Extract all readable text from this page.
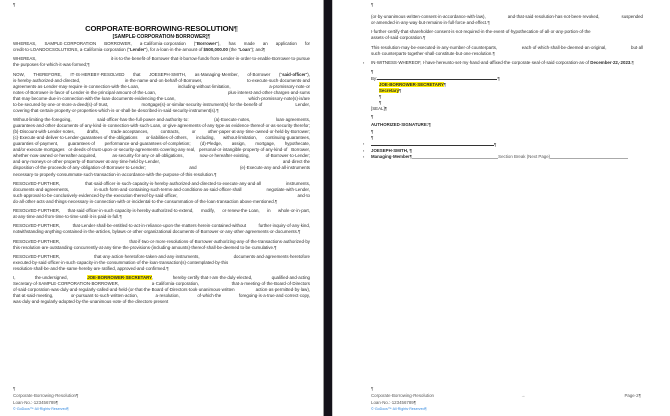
¶
CORPORATE·BORROWING·RESOLUTION¶
[SAMPLE·CORPORATION·BORROWER]¶

WHEREAS, SAMPLE·CORPORATION BORROWER, a·California·corporation ("Borrower"), has made an application for credit·to·LOANDOCSOLUTIONS, a·California·corporation ("Lender"), for a·loan·in·the·amount·of $500,000.00 (the "Loan"); and¶

WHEREAS, it·is·to·the·benefit·of·Borrower·that·it·borrow·funds·from·Lender·in·order·to·enable·Borrower·to·pursue the·purposes·for·which·it·was·formed;¶

NOW, THEREFORE, IT·IS·HEREBY·RESOLVED that JOESEPH·SMITH, as·Managing·Member, of·Borrower ("said·officer"), is·hereby·authorized·and·directed, in·the·name·and·on·behalf·of·Borrower, to·execute·such·documents·and agreements·as·Lender·may·require·in·connection·with·the·Loan, including·without·limitation, a·promissory·note·or notes·of·Borrower·in·favor·of·Lender·in·the·principal·amount·of·the·Loan, plus·interest·and·other·charges·and·sums that·may·become·due·in·connection·with·the·loan·documents·evidencing·the·Loan, which·promissory·note(s)·is/are to·be·secured·by·one·or·more·a·deed(s)·of·trust, mortgage(s)·or·similar·security·instrument(s)·for·the·benefit·of Lender, covering·that·certain·property·or·properties·which·is·or·shall·be·described·in·said·security·instrument(s).¶

Without·limiting·the·foregoing, said·officer·has·the·full·power·and·authority·to: (a)·Execute·notes, loan·agreements, guarantees·and·other·documents·of·any·kind·in·connection·with·such·Loan, or·give·agreements·of·any·type·as evidence·thereof·or·as·security·therefor; (b)·Discount·with·Lender·notes, drafts, trade·acceptances, contracts, or other·paper·at·any·time·owned·or·held·by·Borrower; (c)·Execute·and·deliver·to·Lender·guarantees·of·the·obligations or·liabilities·of·others, including, without·limitation, continuing·guarantees, guaranties·of·payment, guarantees·of performance·and·guarantees·of·completion; (d)·Pledge, assign, mortgage, hypothecate, and/or·execute·mortgages or·deeds·of·trust·upon·or·security·agreements·covering·any·real, personal·or·intangible·property·of·any·kind·of Borrower, whether·now·owned·or·hereafter·acquired, as·security·for·any·or·all·obligations, now·or·hereafter·existing, of·Borrower·to·Lender; and·any·moneys·or·other·property·of·Borrower·at·any·time·held·by·Lender, and·direct·the disposition·of·the·proceeds·of·any·obligation·of·Borrower·to·Lender; and (e)·Execute·any·and·all·instruments necessary·to·properly·consummate·such·transaction·in·accordance·with·the·purpose·of·this·resolution.¶

RESOLVED·FURTHER, that·said·officer·in·such·capacity·is·hereby·authorized·and·directed·to·execute·any·and·all instruments, documents·and·agreements, in·such·form·and·containing·such·terms·and·conditions·as·said·officer·shall negotiate·with·Lender, such·approval·to·be·conclusively·evidenced·by·the·execution·thereof·by·said·officer, and·to do·all·other·acts·and·things·necessary·in·connection·with·or·incidental·to·the·consummation·of·the·loan·transaction above·mentioned.¶

RESOLVED·FURTHER, that·said·officer·in·such·capacity·is·hereby·authorized·to·extend, modify, or·renew·the·Loan, in whole·or·in·part, at·any·time·and·from·time·to·time·until·it·is·paid·in·full.¶

RESOLVED·FURTHER, that·Lender·shall·be·entitled·to·act·in·reliance·upon·the·matters·herein·contained·without further·inquiry·of·any·kind, notwithstanding·anything·contained·in·the·articles, bylaws·or·other·organizational documents·of·Borrower·or·any·other·agreements·or·documents.¶

RESOLVED·FURTHER, that·if·two·or·more·resolutions·of·Borrower·authorizing·any·of·the·transactions·authorized·by this·resolution·are·outstanding·concurrently·at·any·time·the·provisions·(including·amounts)·thereof·shall·be·deemed to·be·cumulative.¶

RESOLVED·FURTHER, that·any·action·heretofore·taken·and·any·instruments, documents·and·agreements·heretofore executed·by·said·officer·in·such·capacity·in·the·consummation·of·the·loan·transaction(s)·contemplated·by·this resolution·shall·be·and·the·same·hereby·are·ratified, approved·and·confirmed.¶

I, the·undersigned, JOE·BORROWER·SECRETARY, hereby·certify·that·I·am·the·duly·elected, qualified·and·acting Secretary·of·SAMPLE·CORPORATION·BORROWER, a·California·corporation, that·a·meeting·of·the·Board·of·Directors of·said·corporation·was·duly·and·regularly·called·and·held·(or·that·the·Board·of·Directors·took·unanimous·written action·as·permitted·by·law), that·at·said·meeting, or·pursuant·to·such·written·action, a·resolution, of·which·the foregoing·is·a·true·and·correct·copy, was·duly·and·regularly·adopted·by·the·unanimous·vote·of·the·directors·present

¶
Corporate·Borrowing·Resolution¶
Loan·No.:·123456789¶
©·GoDocs™·All·Rights·Reserved¶
¶

(or·by·unanimous·written·consent·in·accordance·with·law), and·that·said·resolution·has·not·been·revoked, suspended or·amended·in·any·way·but·remains·in·full·force·and·effect.¶

I·further·certify·that·shareholder·consent·is·not·required·in·the·event·of·hypothecation·of·all·or·any·portion·of·the assets·of·said·corporation.¶

This·resolution·may·be·executed·in·any·number·of·counterparts, each·of·which·shall·be·deemed·an·original, but·all such·counterparts·together·shall·constitute·but·one·resolution.¶

▪ IN·WITNESS·WHEREOF, I·have·hereunto·set·my·hand·and·affixed·the·corporate·seal·of·said·corporation·as·of December·22,·2023.¶

¶
By:	¶
JOE·BORROWER·SECRETARY¶
Secretary¶
¶
¶
[SEAL]¶
¶
AUTHORIZED·SIGNATURE:¶
¶
¶
▪ ¶
▪ JOESEPH·SMITH, ¶
▪ Managing·Member¶	Section Break (Next Page)
¶
Corporate·Borrowing·Resolution	→	Page·2¶
Loan·No.:·123456789¶
©·GoDocs™·All·Rights·Reserved¶
